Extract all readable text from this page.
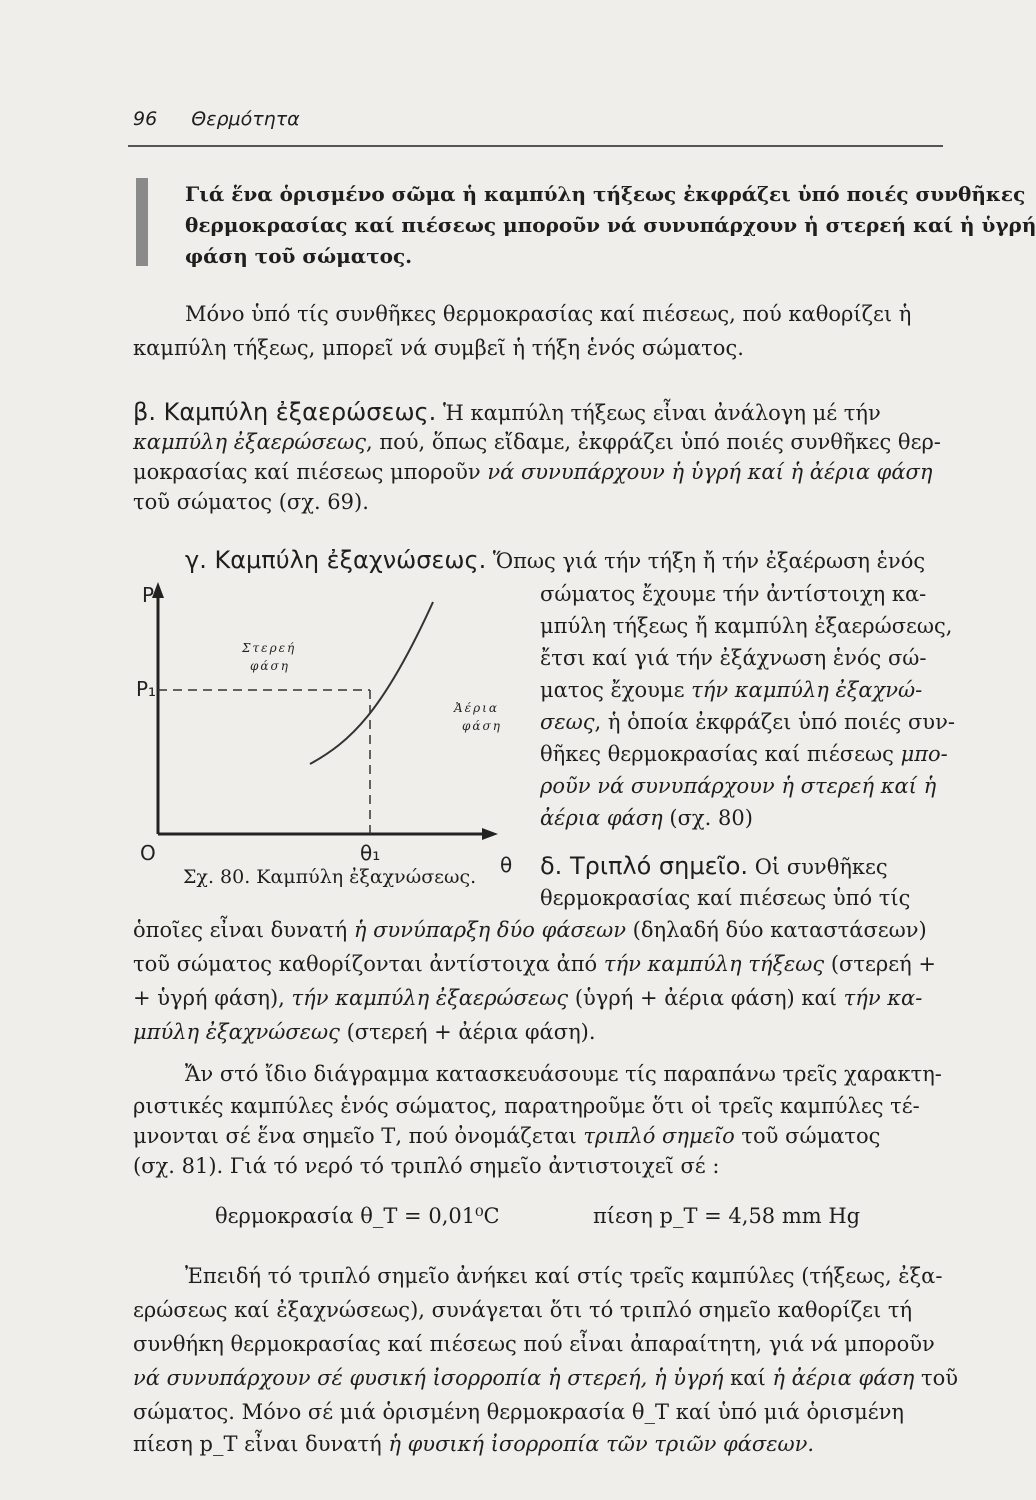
96 Θερμότητα
Γιά ἕνα ὁρισμένο σῶμα ἡ καμπύλη τήξεως ἐκφράζει ὑπό ποιές συνθῆκες
θερμοκρασίας καί πιέσεως μποροῦν νά συνυπάρχουν ἡ στερεή καί ἡ ὑγρή
φάση τοῦ σώματος.
Μόνο ὑπό τίς συνθῆκες θερμοκρασίας καί πιέσεως, πού καθορίζει ἡ
καμπύλη τήξεως, μπορεῖ νά συμβεῖ ἡ τήξη ἑνός σώματος.
β. Καμπύλη ἐξαερώσεως. Ἡ καμπύλη τήξεως εἶναι ἀνάλογη μέ τήν
καμπύλη ἐξαερώσεως, πού, ὅπως εἴδαμε, ἐκφράζει ὑπό ποιές συνθῆκες θερ-
μοκρασίας καί πιέσεως μποροῦν νά συνυπάρχουν ἡ ὑγρή καί ἡ ἀέρια φάση
τοῦ σώματος (σχ. 69).
γ. Καμπύλη ἐξαχνώσεως. Ὅπως γιά τήν τήξη ἤ τήν ἐξαέρωση ἑνός
σώματος ἔχουμε τήν ἀντίστοιχη κα-
μπύλη τήξεως ἤ καμπύλη ἐξαερώσεως,
ἔτσι καί γιά τήν ἐξάχνωση ἑνός σώ-
ματος ἔχουμε τήν καμπύλη ἐξαχνώ-
σεως, ἡ ὁποία ἐκφράζει ὑπό ποιές συν-
θῆκες θερμοκρασίας καί πιέσεως μπο-
ροῦν νά συνυπάρχουν ἡ στερεή καί ἡ
ἀέρια φάση (σχ. 80)
δ. Τριπλό σημεῖο. Οἱ συνθῆκες
θερμοκρασίας καί πιέσεως ὑπό τίς
P
P₁
O	θ₁	θ
Στερεή
φάση
Ἀέρια
φάση
Σχ. 80. Καμπύλη ἐξαχνώσεως.
ὁποῖες εἶναι δυνατή ἡ συνύπαρξη δύο φάσεων (δηλαδή δύο καταστάσεων)
τοῦ σώματος καθορίζονται ἀντίστοιχα ἀπό τήν καμπύλη τήξεως (στερεή +
+ ὑγρή φάση), τήν καμπύλη ἐξαερώσεως (ὑγρή + ἀέρια φάση) καί τήν κα-
μπύλη ἐξαχνώσεως (στερεή + ἀέρια φάση).
Ἄν στό ἴδιο διάγραμμα κατασκευάσουμε τίς παραπάνω τρεῖς χαρακτη-
ριστικές καμπύλες ἑνός σώματος, παρατηροῦμε ὅτι οἱ τρεῖς καμπύλες τέ-
μνονται σέ ἕνα σημεῖο Τ, πού ὀνομάζεται τριπλό σημεῖο τοῦ σώματος
(σχ. 81). Γιά τό νερό τό τριπλό σημεῖο ἀντιστοιχεῖ σέ :
θερμοκρασία θ_T = 0,01⁰C	πίεση p_T = 4,58 mm Hg
Ἐπειδή τό τριπλό σημεῖο ἀνήκει καί στίς τρεῖς καμπύλες (τήξεως, ἐξα-
ερώσεως καί ἐξαχνώσεως), συνάγεται ὅτι τό τριπλό σημεῖο καθορίζει τή
συνθήκη θερμοκρασίας καί πιέσεως πού εἶναι ἀπαραίτητη, γιά νά μποροῦν
νά συνυπάρχουν σέ φυσική ἰσορροπία ἡ στερεή, ἡ ὑγρή καί ἡ ἀέρια φάση τοῦ
σώματος. Μόνο σέ μιά ὁρισμένη θερμοκρασία θ_T καί ὑπό μιά ὁρισμένη
πίεση p_T εἶναι δυνατή ἡ φυσική ἰσορροπία τῶν τριῶν φάσεων.
